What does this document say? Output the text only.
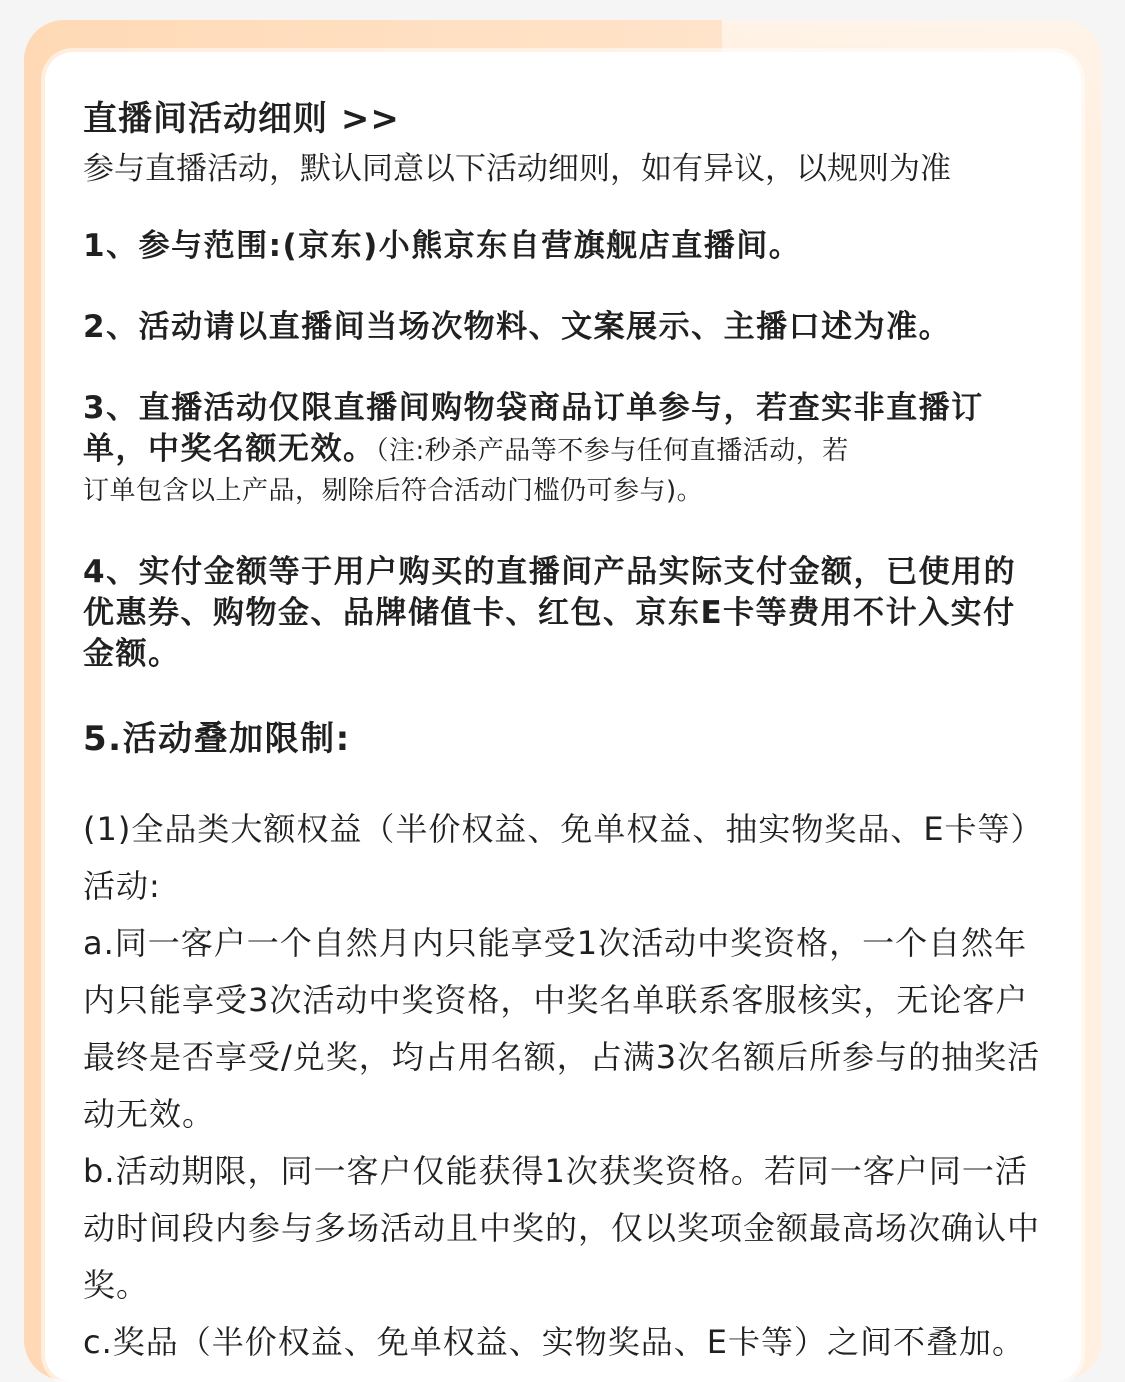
直播间活动细则 >>

参与直播活动，默认同意以下活动细则，如有异议，以规则为准

1、参与范围:(京东)小熊京东自营旗舰店直播间。

2、活动请以直播间当场次物料、文案展示、主播口述为准。

3、直播活动仅限直播间购物袋商品订单参与，若查实非直播订单，中奖名额无效。（注:秒杀产品等不参与任何直播活动，若
订单包含以上产品，剔除后符合活动门槛仍可参与)。

4、实付金额等于用户购买的直播间产品实际支付金额，已使用的优惠券、购物金、品牌储值卡、红包、京东E卡等费用不计入实付金额。

5.活动叠加限制:

(1)全品类大额权益（半价权益、免单权益、抽实物奖品、E卡等）活动:

a.同一客户一个自然月内只能享受1次活动中奖资格，一个自然年内只能享受3次活动中奖资格，中奖名单联系客服核实，无论客户最终是否享受/兑奖，均占用名额，占满3次名额后所参与的抽奖活动无效。

b.活动期限，同一客户仅能获得1次获奖资格。若同一客户同一活动时间段内参与多场活动且中奖的，仅以奖项金额最高场次确认中奖。

c.奖品（半价权益、免单权益、实物奖品、E卡等）之间不叠加。
